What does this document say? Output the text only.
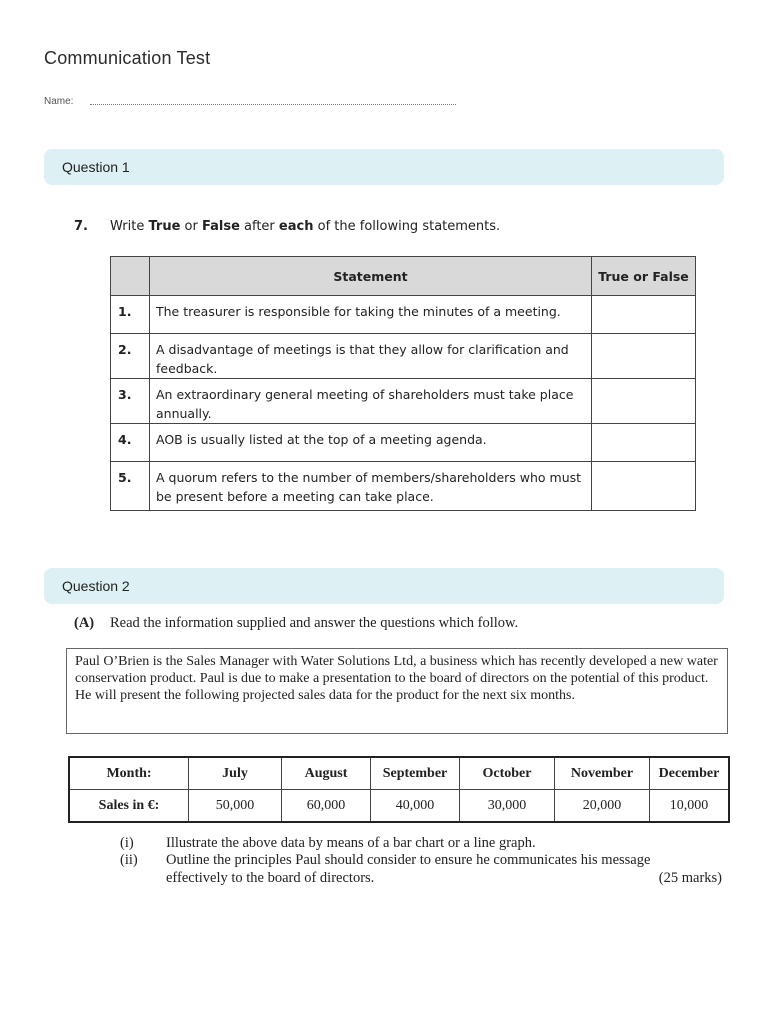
Communication Test
Name:
Question 1
7. Write True or False after each of the following statements.
	Statement	True or False
1.	The treasurer is responsible for taking the minutes of a meeting.	
2.	A disadvantage of meetings is that they allow for clarification and feedback.	
3.	An extraordinary general meeting of shareholders must take place annually.	
4.	AOB is usually listed at the top of a meeting agenda.	
5.	A quorum refers to the number of members/shareholders who must be present before a meeting can take place.	
Question 2
(A) Read the information supplied and answer the questions which follow.
Paul O’Brien is the Sales Manager with Water Solutions Ltd, a business which has recently developed a new water conservation product. Paul is due to make a presentation to the board of directors on the potential of this product. He will present the following projected sales data for the product for the next six months.
Month:	July	August	September	October	November	December
Sales in €:	50,000	60,000	40,000	30,000	20,000	10,000
(i) Illustrate the above data by means of a bar chart or a line graph.
(ii) Outline the principles Paul should consider to ensure he communicates his message
effectively to the board of directors.	(25 marks)
